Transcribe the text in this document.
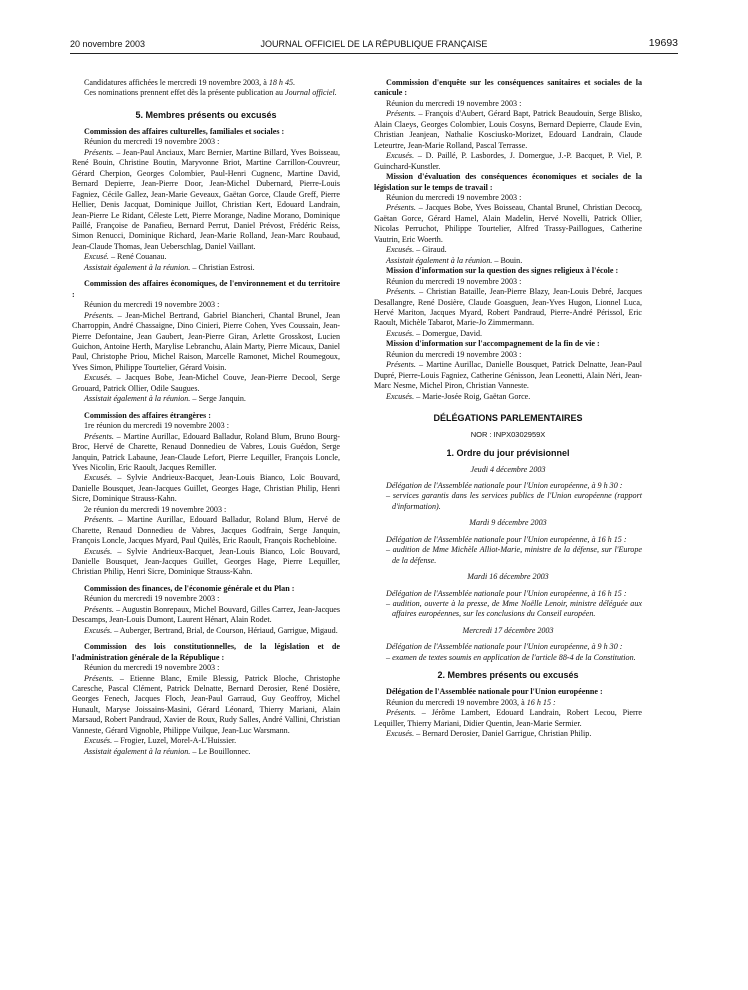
20 novembre 2003	JOURNAL OFFICIEL DE LA RÉPUBLIQUE FRANÇAISE	19693

Candidatures affichées le mercredi 19 novembre 2003, à 18 h 45.

Ces nominations prennent effet dès la présente publication au Journal officiel.

5. Membres présents ou excusés

Commission des affaires culturelles, familiales et sociales :

Réunion du mercredi 19 novembre 2003 :

Présents. – Jean-Paul Anciaux, Marc Bernier, Martine Billard, Yves Boisseau, René Bouin, Christine Boutin, Maryvonne Briot, Martine Carrillon-Couvreur, Gérard Cherpion, Georges Colombier, Paul-Henri Cugnenc, Martine David, Bernard Depierre, Jean-Pierre Door, Jean-Michel Dubernard, Pierre-Louis Fagniez, Cécile Gallez, Jean-Marie Geveaux, Gaëtan Gorce, Claude Greff, Pierre Hellier, Denis Jacquat, Dominique Juillot, Christian Kert, Edouard Landrain, Jean-Pierre Le Ridant, Céleste Lett, Pierre Morange, Nadine Morano, Dominique Paillé, Françoise de Panafieu, Bernard Perrut, Daniel Prévost, Frédéric Reiss, Simon Renucci, Dominique Richard, Jean-Marie Rolland, Jean-Marc Roubaud, Jean-Claude Thomas, Jean Ueberschlag, Daniel Vaillant.

Excusé. – René Couanau.

Assistait également à la réunion. – Christian Estrosi.

Commission des affaires économiques, de l'environnement et du territoire :

Réunion du mercredi 19 novembre 2003 :

Présents. – Jean-Michel Bertrand, Gabriel Biancheri, Chantal Brunel, Jean Charroppin, André Chassaigne, Dino Cinieri, Pierre Cohen, Yves Coussain, Jean-Pierre Defontaine, Jean Gaubert, Jean-Pierre Giran, Arlette Grosskost, Lucien Guichon, Antoine Herth, Marylise Lebranchu, Alain Marty, Pierre Micaux, Daniel Paul, Christophe Priou, Michel Raison, Marcelle Ramonet, Michel Roumegoux, Yves Simon, Philippe Tourtelier, Gérard Voisin.

Excusés. – Jacques Bobe, Jean-Michel Couve, Jean-Pierre Decool, Serge Grouard, Patrick Ollier, Odile Saugues.

Assistait également à la réunion. – Serge Janquin.

Commission des affaires étrangères :

1re réunion du mercredi 19 novembre 2003 :

Présents. – Martine Aurillac, Edouard Balladur, Roland Blum, Bruno Bourg-Broc, Hervé de Charette, Renaud Donnedieu de Vabres, Louis Guédon, Serge Janquin, Patrick Labaune, Jean-Claude Lefort, Pierre Lequiller, François Loncle, Yves Nicolin, Eric Raoult, Jacques Remiller.

Excusés. – Sylvie Andrieux-Bacquet, Jean-Louis Bianco, Loïc Bouvard, Danielle Bousquet, Jean-Jacques Guillet, Georges Hage, Christian Philip, Henri Sicre, Dominique Strauss-Kahn.

2e réunion du mercredi 19 novembre 2003 :

Présents. – Martine Aurillac, Edouard Balladur, Roland Blum, Hervé de Charette, Renaud Donnedieu de Vabres, Jacques Godfrain, Serge Janquin, François Loncle, Jacques Myard, Paul Quilès, Eric Raoult, François Rochebloine.

Excusés. – Sylvie Andrieux-Bacquet, Jean-Louis Bianco, Loïc Bouvard, Danielle Bousquet, Jean-Jacques Guillet, Georges Hage, Pierre Lequiller, Christian Philip, Henri Sicre, Dominique Strauss-Kahn.

Commission des finances, de l'économie générale et du Plan :

Réunion du mercredi 19 novembre 2003 :

Présents. – Augustin Bonrepaux, Michel Bouvard, Gilles Carrez, Jean-Jacques Descamps, Jean-Louis Dumont, Laurent Hénart, Alain Rodet.

Excusés. – Auberger, Bertrand, Brial, de Courson, Hériaud, Garrigue, Migaud.

Commission des lois constitutionnelles, de la législation et de l'administration générale de la République :

Réunion du mercredi 19 novembre 2003 :

Présents. – Etienne Blanc, Emile Blessig, Patrick Bloche, Christophe Caresche, Pascal Clément, Patrick Delnatte, Bernard Derosier, René Dosière, Georges Fenech, Jacques Floch, Jean-Paul Garraud, Guy Geoffroy, Michel Hunault, Maryse Joissains-Masini, Gérard Léonard, Thierry Mariani, Alain Marsaud, Robert Pandraud, Xavier de Roux, Rudy Salles, André Vallini, Christian Vanneste, Gérard Vignoble, Philippe Vuilque, Jean-Luc Warsmann.

Excusés. – Frogier, Luzel, Morel-A-L'Huissier.

Assistait également à la réunion. – Le Bouillonnec.

Commission d'enquête sur les conséquences sanitaires et sociales de la canicule :

Réunion du mercredi 19 novembre 2003 :

Présents. – François d'Aubert, Gérard Bapt, Patrick Beaudouin, Serge Blisko, Alain Claeys, Georges Colombier, Louis Cosyns, Bernard Depierre, Claude Evin, Christian Jeanjean, Nathalie Kosciusko-Morizet, Edouard Landrain, Claude Leteurtre, Jean-Marie Rolland, Pascal Terrasse.

Excusés. – D. Paillé, P. Lasbordes, J. Domergue, J.-P. Bacquet, P. Viel, P. Guinchard-Kunstler.

Mission d'évaluation des conséquences économiques et sociales de la législation sur le temps de travail :

Réunion du mercredi 19 novembre 2003 :

Présents. – Jacques Bobe, Yves Boisseau, Chantal Brunel, Christian Decocq, Gaëtan Gorce, Gérard Hamel, Alain Madelin, Hervé Novelli, Patrick Ollier, Nicolas Perruchot, Philippe Tourtelier, Alfred Trassy-Paillogues, Catherine Vautrin, Eric Woerth.

Excusés. – Giraud.

Assistait également à la réunion. – Bouin.

Mission d'information sur la question des signes religieux à l'école :

Réunion du mercredi 19 novembre 2003 :

Présents. – Christian Bataille, Jean-Pierre Blazy, Jean-Louis Debré, Jacques Desallangre, René Dosière, Claude Goasguen, Jean-Yves Hugon, Lionnel Luca, Hervé Mariton, Jacques Myard, Robert Pandraud, Pierre-André Périssol, Eric Raoult, Michèle Tabarot, Marie-Jo Zimmermann.

Excusés. – Domergue, David.

Mission d'information sur l'accompagnement de la fin de vie :

Réunion du mercredi 19 novembre 2003 :

Présents. – Martine Aurillac, Danielle Bousquet, Patrick Delnatte, Jean-Paul Dupré, Pierre-Louis Fagniez, Catherine Génisson, Jean Leonetti, Alain Néri, Jean-Marc Nesme, Michel Piron, Christian Vanneste.

Excusés. – Marie-Josée Roig, Gaëtan Gorce.

DÉLÉGATIONS PARLEMENTAIRES

NOR : INPX0302959X

1. Ordre du jour prévisionnel

Jeudi 4 décembre 2003

Délégation de l'Assemblée nationale pour l'Union européenne, à 9 h 30 :

– services garantis dans les services publics de l'Union européenne (rapport d'information).

Mardi 9 décembre 2003

Délégation de l'Assemblée nationale pour l'Union européenne, à 16 h 15 :

– audition de Mme Michèle Alliot-Marie, ministre de la défense, sur l'Europe de la défense.

Mardi 16 décembre 2003

Délégation de l'Assemblée nationale pour l'Union européenne, à 16 h 15 :

– audition, ouverte à la presse, de Mme Noëlle Lenoir, ministre déléguée aux affaires européennes, sur les conclusions du Conseil européen.

Mercredi 17 décembre 2003

Délégation de l'Assemblée nationale pour l'Union européenne, à 9 h 30 :

– examen de textes soumis en application de l'article 88-4 de la Constitution.

2. Membres présents ou excusés

Délégation de l'Assemblée nationale pour l'Union européenne :

Réunion du mercredi 19 novembre 2003, à 16 h 15 :

Présents. – Jérôme Lambert, Edouard Landrain, Robert Lecou, Pierre Lequiller, Thierry Mariani, Didier Quentin, Jean-Marie Sermier.

Excusés. – Bernard Derosier, Daniel Garrigue, Christian Philip.
